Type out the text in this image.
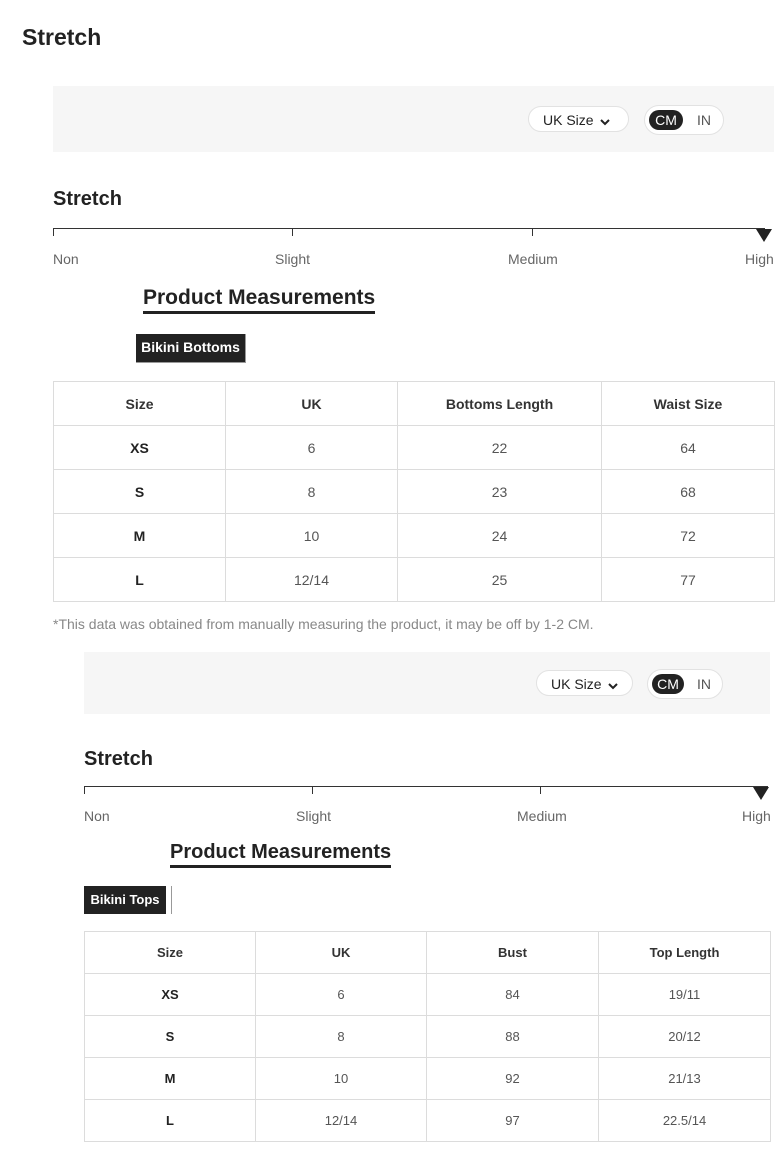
Stretch
UK Size	CM	IN
Stretch
Non	Slight	Medium	High
Product Measurements
Bikini Bottoms
Size	UK	Bottoms Length	Waist Size
XS	6	22	64
S	8	23	68
M	10	24	72
L	12/14	25	77
*This data was obtained from manually measuring the product, it may be off by 1-2 CM.
UK Size	CM	IN
Stretch
Non	Slight	Medium	High
Product Measurements
Bikini Tops
Size	UK	Bust	Top Length
XS	6	84	19/11
S	8	88	20/12
M	10	92	21/13
L	12/14	97	22.5/14
